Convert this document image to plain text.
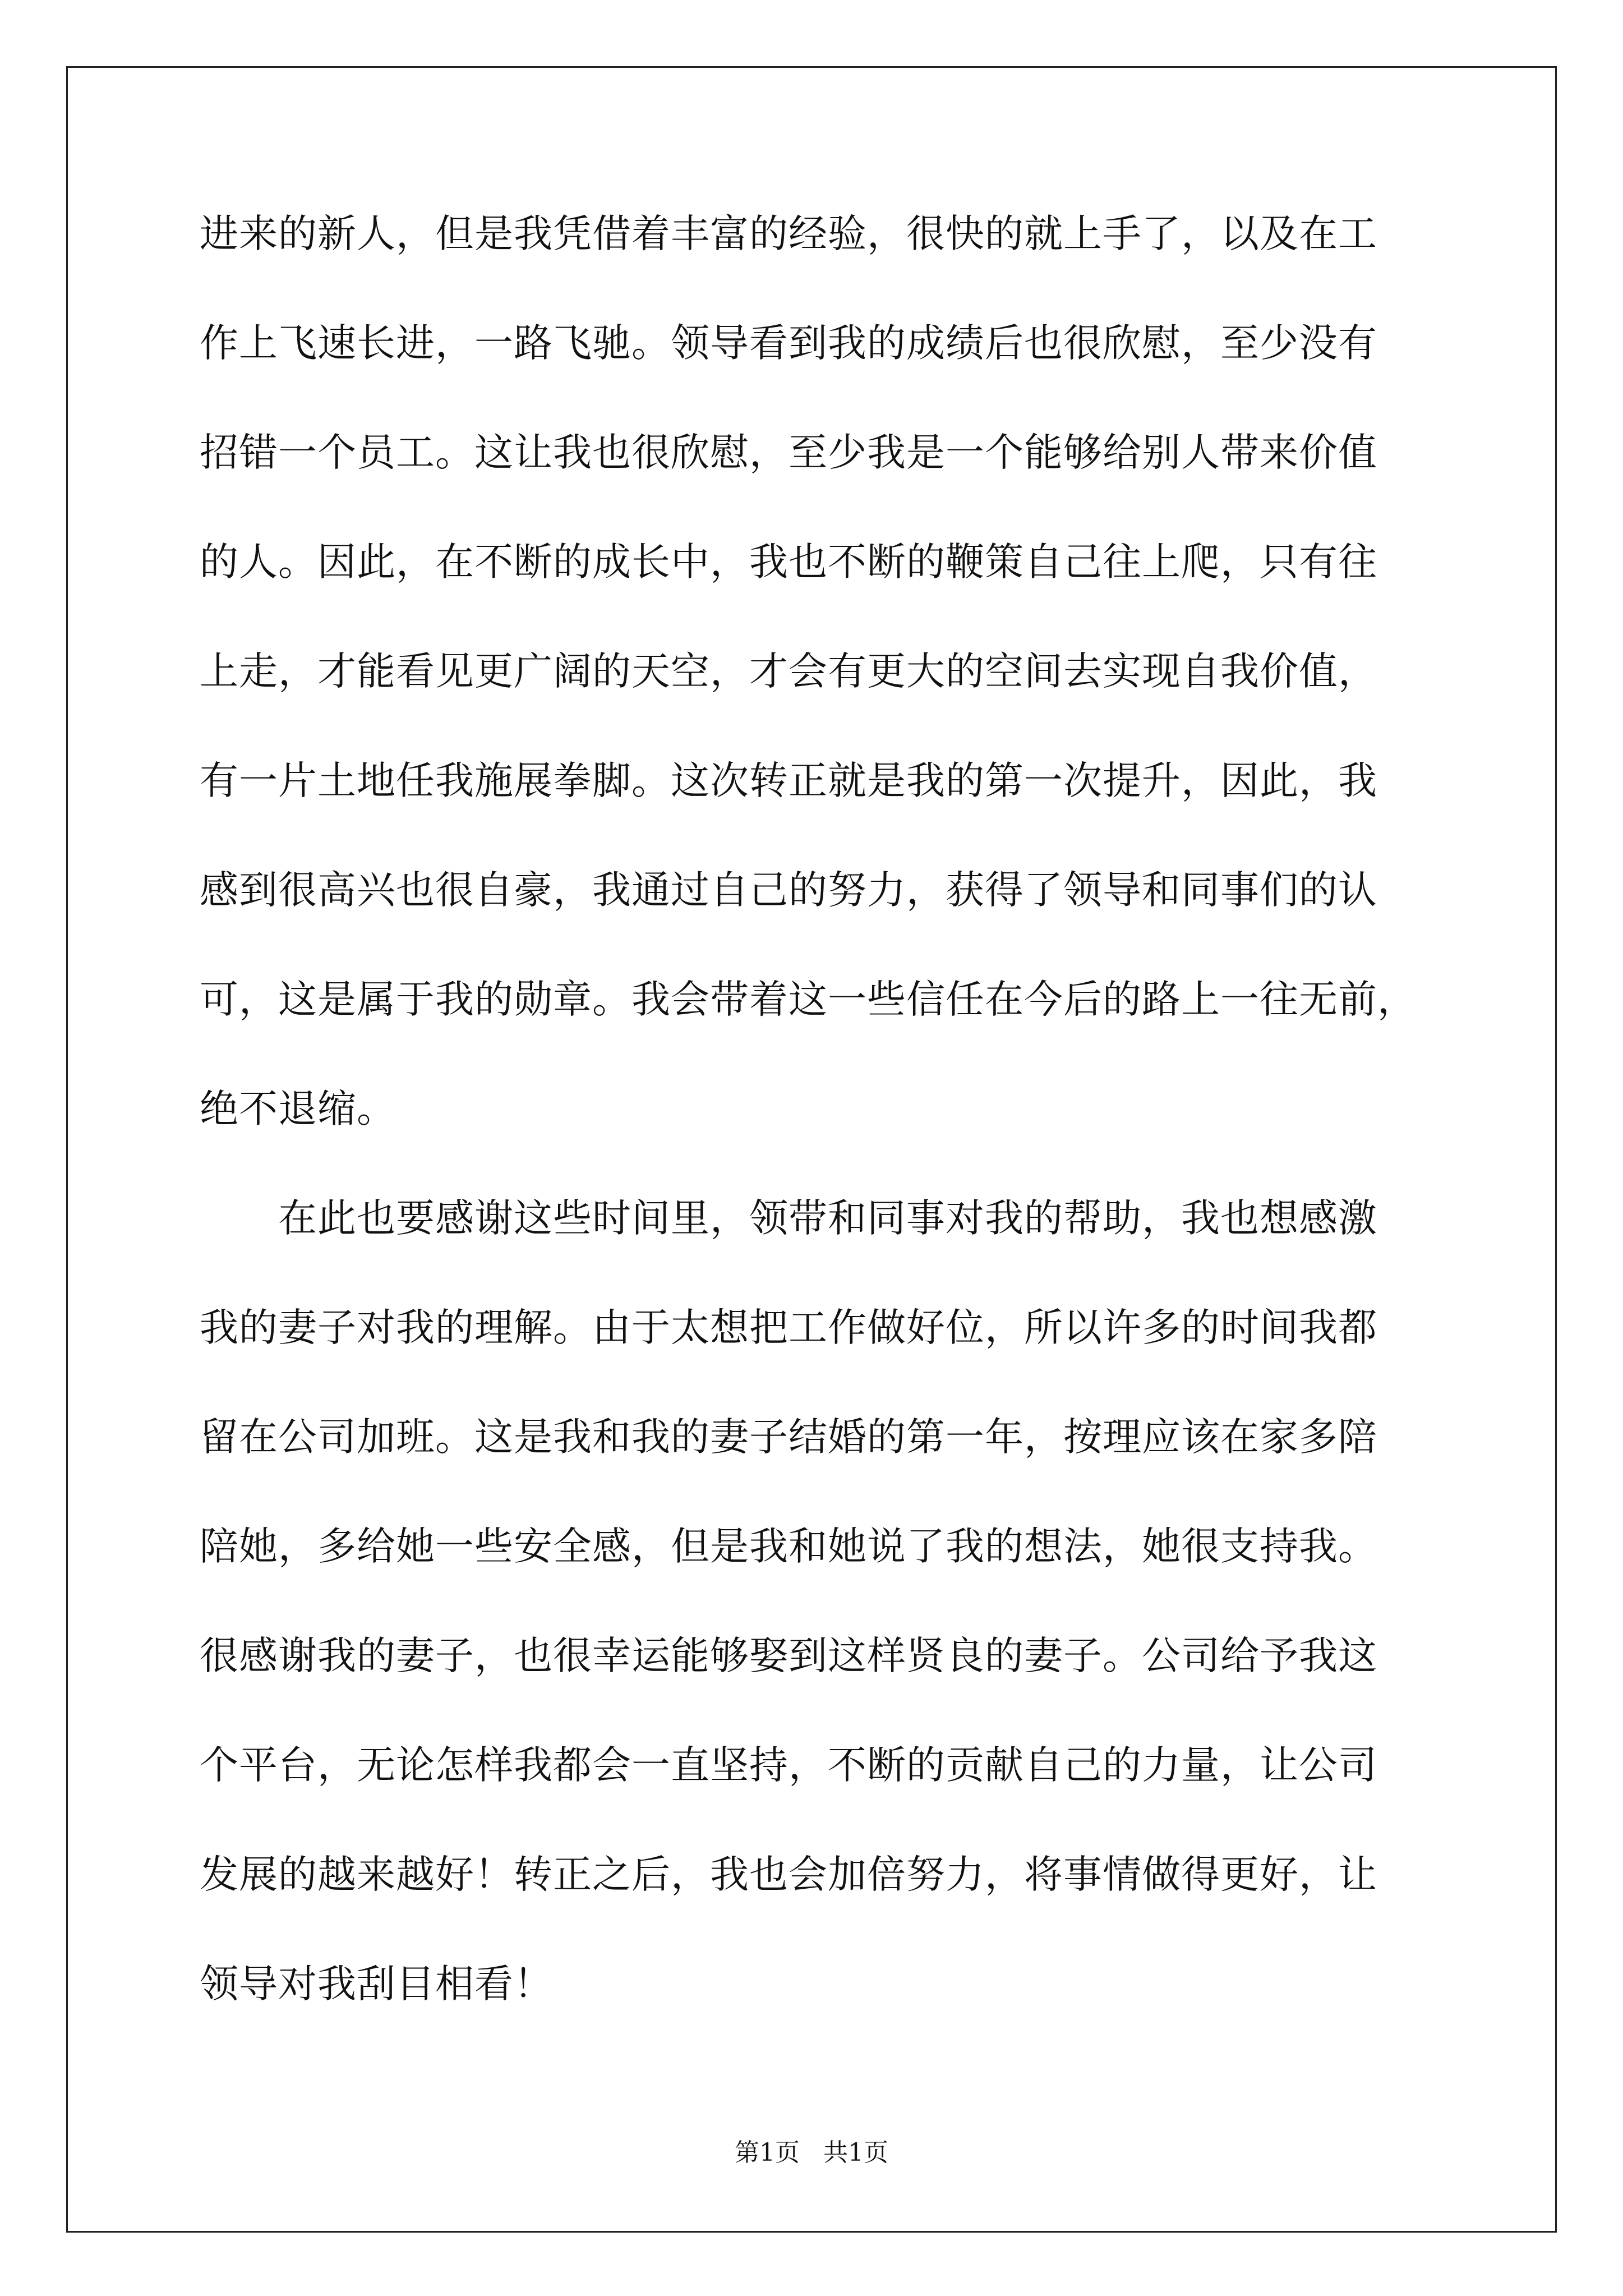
进来的新人，但是我凭借着丰富的经验，很快的就上手了，以及在工
作上飞速长进，一路飞驰。领导看到我的成绩后也很欣慰，至少没有
招错一个员工。这让我也很欣慰，至少我是一个能够给别人带来价值
的人。因此，在不断的成长中，我也不断的鞭策自己往上爬，只有往
上走，才能看见更广阔的天空，才会有更大的空间去实现自我价值，
有一片土地任我施展拳脚。这次转正就是我的第一次提升，因此，我
感到很高兴也很自豪，我通过自己的努力，获得了领导和同事们的认
可，这是属于我的勋章。我会带着这一些信任在今后的路上一往无前，
绝不退缩。
　　在此也要感谢这些时间里，领带和同事对我的帮助，我也想感激
我的妻子对我的理解。由于太想把工作做好位，所以许多的时间我都
留在公司加班。这是我和我的妻子结婚的第一年，按理应该在家多陪
陪她，多给她一些安全感，但是我和她说了我的想法，她很支持我。
很感谢我的妻子，也很幸运能够娶到这样贤良的妻子。公司给予我这
个平台，无论怎样我都会一直坚持，不断的贡献自己的力量，让公司
发展的越来越好！转正之后，我也会加倍努力，将事情做得更好，让
领导对我刮目相看！
第1页   共1页
